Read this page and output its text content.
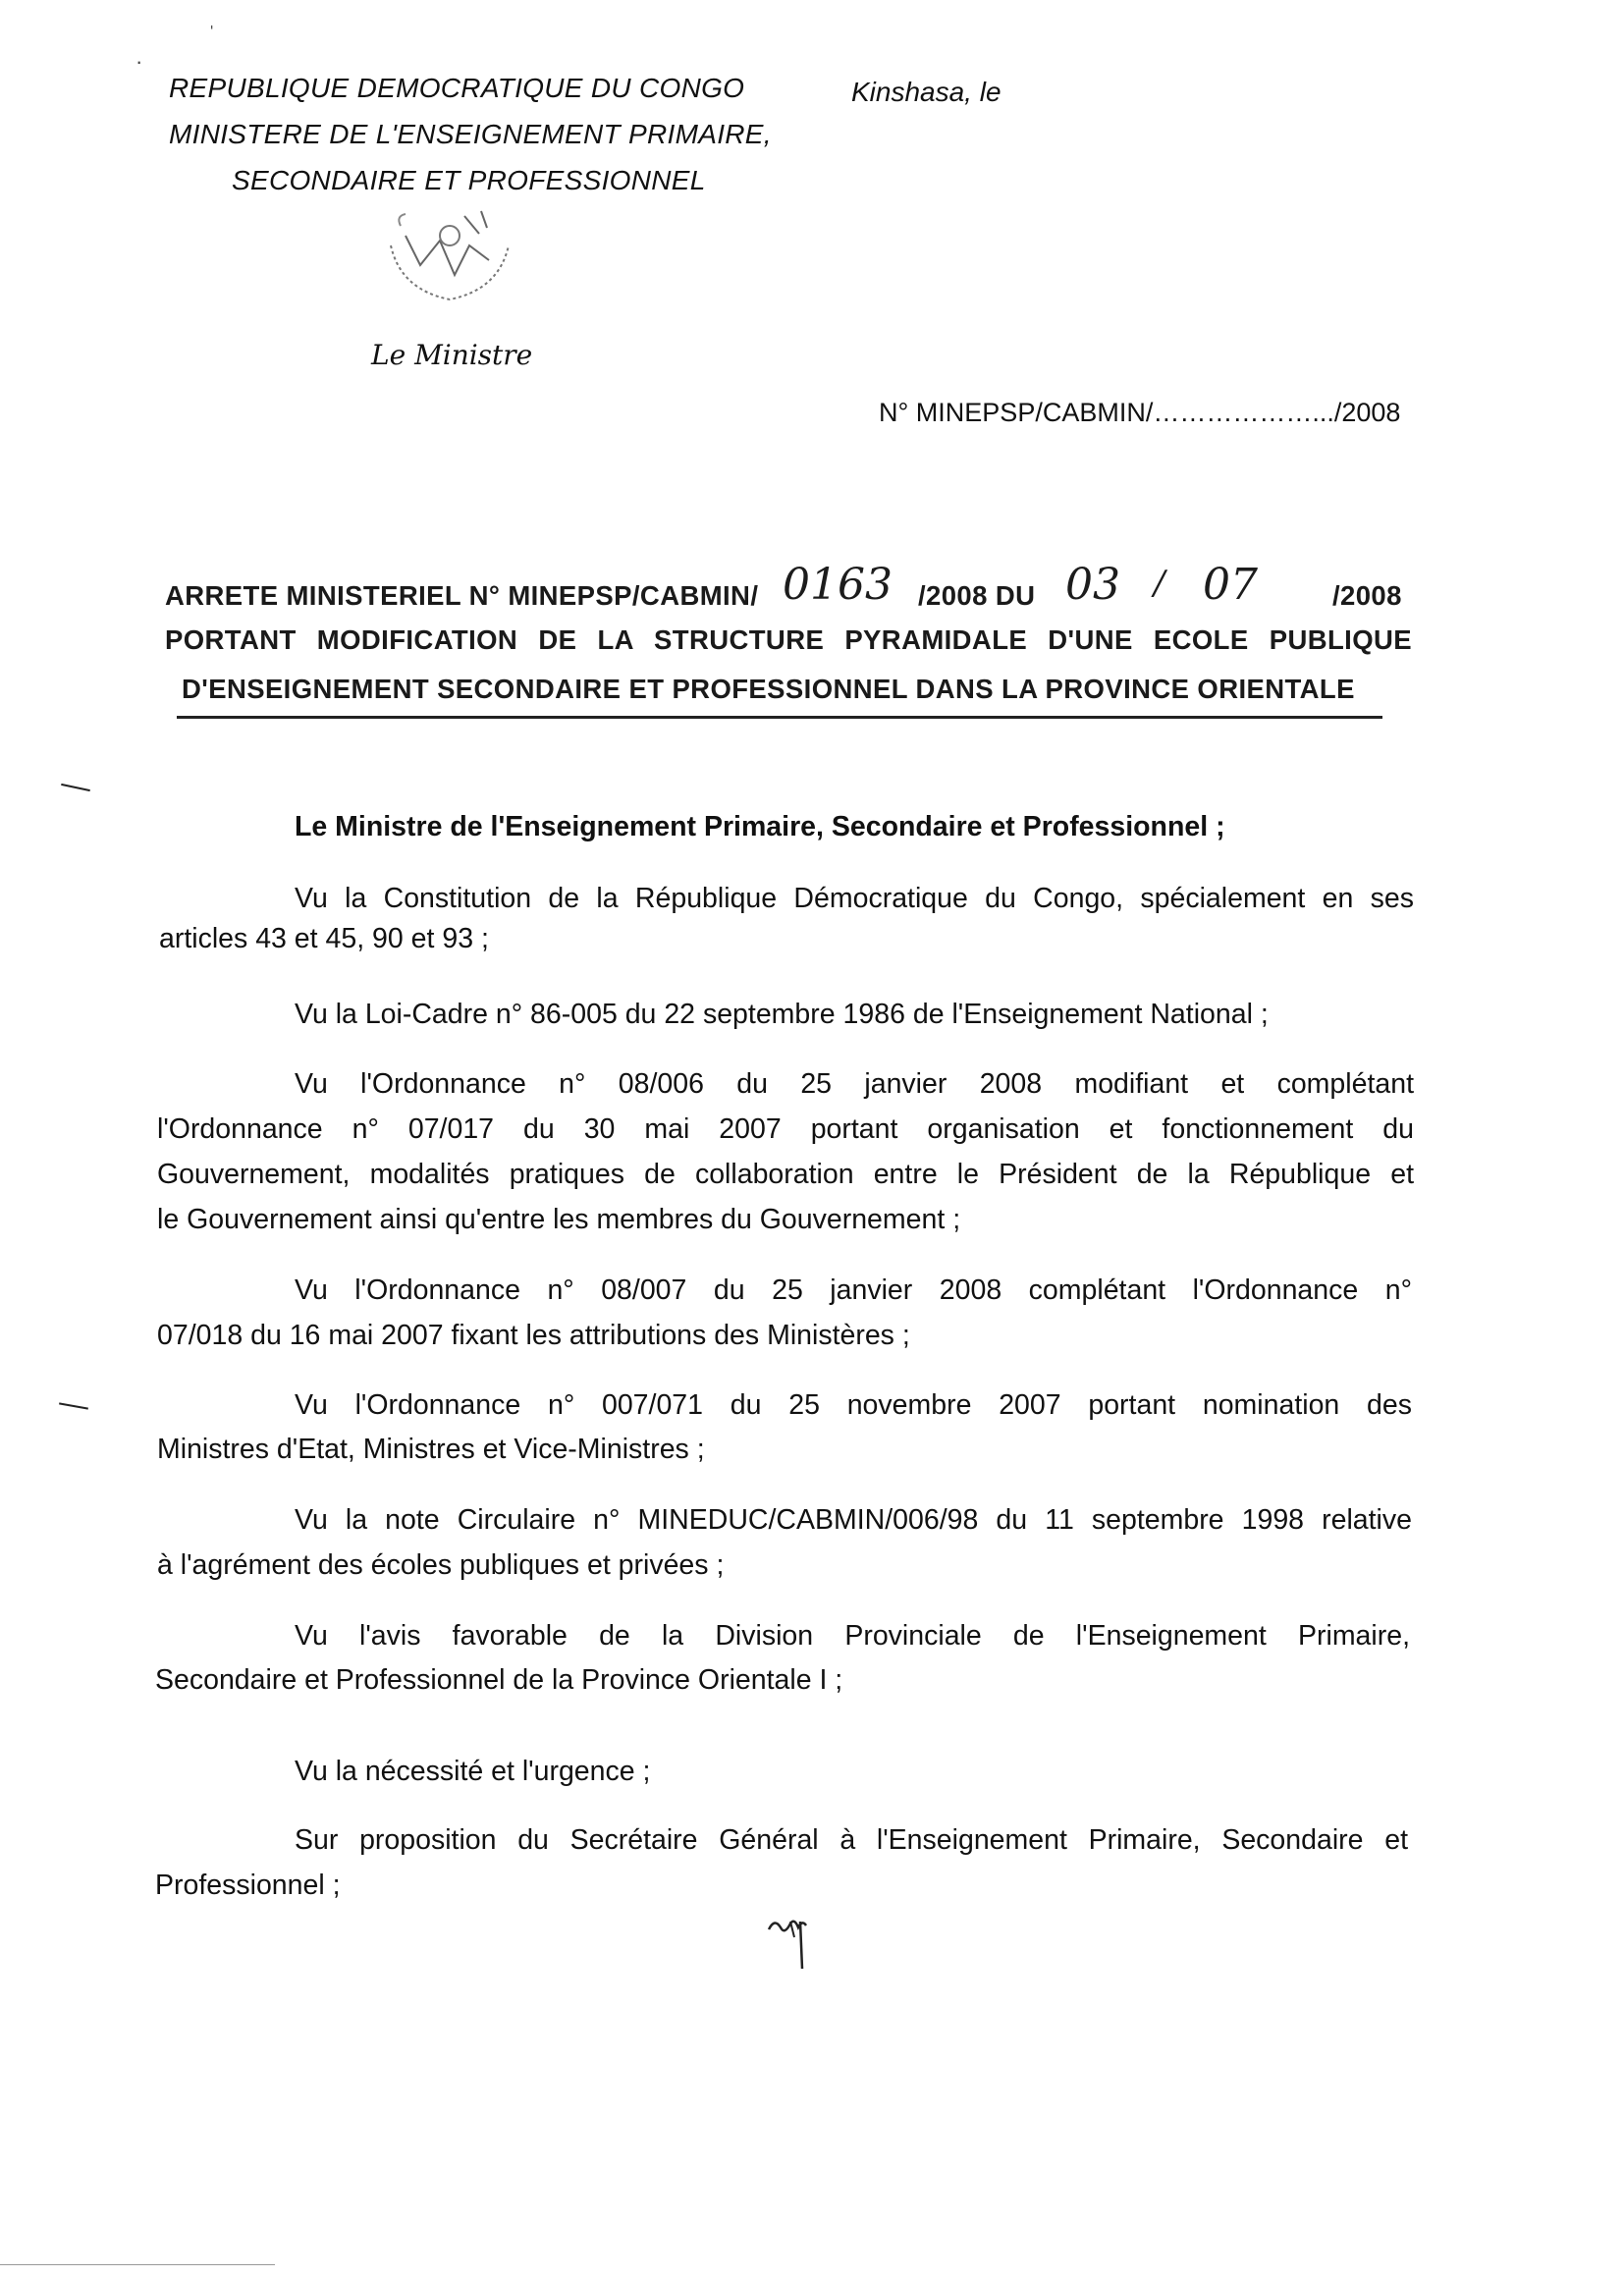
ˈ
·
REPUBLIQUE DEMOCRATIQUE DU CONGO
MINISTERE DE L'ENSEIGNEMENT PRIMAIRE,
SECONDAIRE ET PROFESSIONNEL
Kinshasa, le
Le Ministre
N° MINEPSP/CABMIN/……………….../2008
ARRETE MINISTERIEL N° MINEPSP/CABMIN/ 0163 /2008 DU 03 / 07	/2008
PORTANT MODIFICATION DE LA STRUCTURE PYRAMIDALE D'UNE ECOLE PUBLIQUE
D'ENSEIGNEMENT SECONDAIRE ET PROFESSIONNEL DANS LA PROVINCE ORIENTALE
Le Ministre de l'Enseignement Primaire, Secondaire et Professionnel ;
Vu la Constitution de la République Démocratique du Congo, spécialement en ses
articles 43 et 45, 90 et 93 ;
Vu la Loi-Cadre n° 86-005 du 22 septembre 1986 de l'Enseignement National ;
Vu l'Ordonnance n° 08/006 du 25 janvier 2008 modifiant et complétant
l'Ordonnance n° 07/017 du 30 mai 2007 portant organisation et fonctionnement du
Gouvernement, modalités pratiques de collaboration entre le Président de la République et
le Gouvernement ainsi qu'entre les membres du Gouvernement ;
Vu l'Ordonnance n° 08/007 du 25 janvier 2008 complétant l'Ordonnance n°
07/018 du 16 mai 2007 fixant les attributions des Ministères ;
Vu l'Ordonnance n° 007/071 du 25 novembre 2007 portant nomination des
Ministres d'Etat, Ministres et Vice-Ministres ;
Vu la note Circulaire n° MINEDUC/CABMIN/006/98 du 11 septembre 1998 relative
à l'agrément des écoles publiques et privées ;
Vu l'avis favorable de la Division Provinciale de l'Enseignement Primaire,
Secondaire et Professionnel de la Province Orientale I ;
Vu la nécessité et l'urgence ;
Sur proposition du Secrétaire Général à l'Enseignement Primaire, Secondaire et
Professionnel ;
